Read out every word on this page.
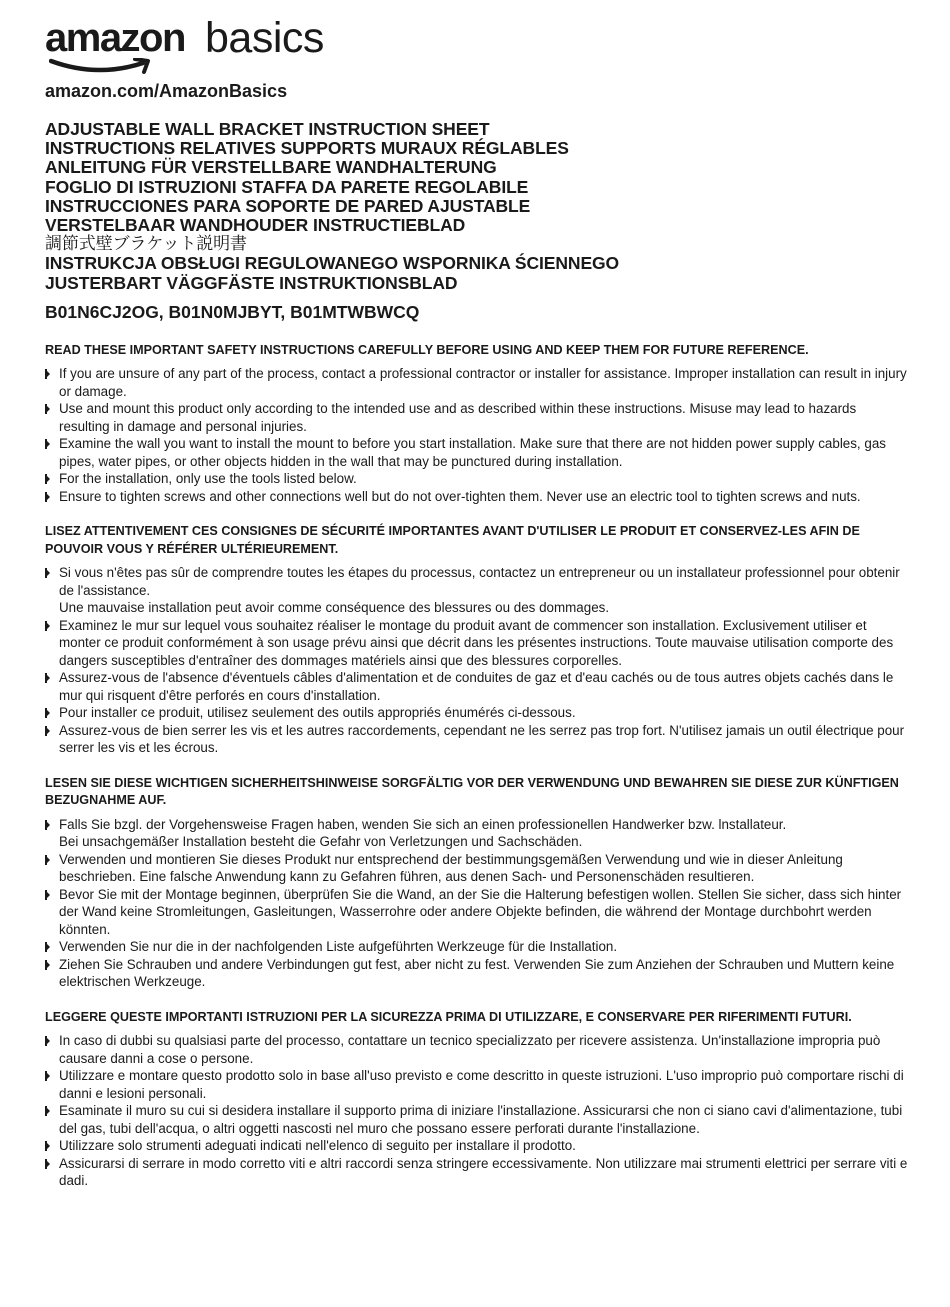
amazon basics
amazon.com/AmazonBasics
ADJUSTABLE WALL BRACKET INSTRUCTION SHEET
INSTRUCTIONS RELATIVES SUPPORTS MURAUX RÉGLABLES
ANLEITUNG FÜR VERSTELLBARE WANDHALTERUNG
FOGLIO DI ISTRUZIONI STAFFA DA PARETE REGOLABILE
INSTRUCCIONES PARA SOPORTE DE PARED AJUSTABLE
VERSTELBAAR WANDHOUDER INSTRUCTIEBLAD
調節式壁ブラケット説明書
INSTRUKCJA OBSŁUGI REGULOWANEGO WSPORNIKA ŚCIENNEGO
JUSTERBART VÄGGFÄSTE INSTRUKTIONSBLAD
B01N6CJ2OG, B01N0MJBYT, B01MTWBWCQ
READ THESE IMPORTANT SAFETY INSTRUCTIONS CAREFULLY BEFORE USING AND KEEP THEM FOR FUTURE REFERENCE.
If you are unsure of any part of the process, contact a professional contractor or installer for assistance. Improper installation can result in injury or damage.
Use and mount this product only according to the intended use and as described within these instructions. Misuse may lead to hazards resulting in damage and personal injuries.
Examine the wall you want to install the mount to before you start installation. Make sure that there are not hidden power supply cables, gas pipes, water pipes, or other objects hidden in the wall that may be punctured during installation.
For the installation, only use the tools listed below.
Ensure to tighten screws and other connections well but do not over-tighten them. Never use an electric tool to tighten screws and nuts.
LISEZ ATTENTIVEMENT CES CONSIGNES DE SÉCURITÉ IMPORTANTES AVANT D'UTILISER LE PRODUIT ET CONSERVEZ-LES AFIN DE POUVOIR VOUS Y RÉFÉRER ULTÉRIEUREMENT.
Si vous n'êtes pas sûr de comprendre toutes les étapes du processus, contactez un entrepreneur ou un installateur professionnel pour obtenir de l'assistance.
Une mauvaise installation peut avoir comme conséquence des blessures ou des dommages.
Examinez le mur sur lequel vous souhaitez réaliser le montage du produit avant de commencer son installation. Exclusivement utiliser et monter ce produit conformément à son usage prévu ainsi que décrit dans les présentes instructions. Toute mauvaise utilisation comporte des dangers susceptibles d'entraîner des dommages matériels ainsi que des blessures corporelles.
Assurez-vous de l'absence d'éventuels câbles d'alimentation et de conduites de gaz et d'eau cachés ou de tous autres objets cachés dans le mur qui risquent d'être perforés en cours d'installation.
Pour installer ce produit, utilisez seulement des outils appropriés énumérés ci-dessous.
Assurez-vous de bien serrer les vis et les autres raccordements, cependant ne les serrez pas trop fort. N'utilisez jamais un outil électrique pour serrer les vis et les écrous.
LESEN SIE DIESE WICHTIGEN SICHERHEITSHINWEISE SORGFÄLTIG VOR DER VERWENDUNG UND BEWAHREN SIE DIESE ZUR KÜNFTIGEN BEZUGNAHME AUF.
Falls Sie bzgl. der Vorgehensweise Fragen haben, wenden Sie sich an einen professionellen Handwerker bzw. lnstallateur.
Bei unsachgemäßer Installation besteht die Gefahr von Verletzungen und Sachschäden.
Verwenden und montieren Sie dieses Produkt nur entsprechend der bestimmungsgemäßen Verwendung und wie in dieser Anleitung beschrieben. Eine falsche Anwendung kann zu Gefahren führen, aus denen Sach- und Personenschäden resultieren.
Bevor Sie mit der Montage beginnen, überprüfen Sie die Wand, an der Sie die Halterung befestigen wollen. Stellen Sie sicher, dass sich hinter der Wand keine Stromleitungen, Gasleitungen, Wasserrohre oder andere Objekte befinden, die während der Montage durchbohrt werden könnten.
Verwenden Sie nur die in der nachfolgenden Liste aufgeführten Werkzeuge für die Installation.
Ziehen Sie Schrauben und andere Verbindungen gut fest, aber nicht zu fest. Verwenden Sie zum Anziehen der Schrauben und Muttern keine elektrischen Werkzeuge.
LEGGERE QUESTE IMPORTANTI ISTRUZIONI PER LA SICUREZZA PRIMA DI UTILIZZARE, E CONSERVARE PER RIFERIMENTI FUTURI.
In caso di dubbi su qualsiasi parte del processo, contattare un tecnico specializzato per ricevere assistenza. Un'installazione impropria può causare danni a cose o persone.
Utilizzare e montare questo prodotto solo in base all'uso previsto e come descritto in queste istruzioni. L'uso improprio può comportare rischi di danni e lesioni personali.
Esaminate il muro su cui si desidera installare il supporto prima di iniziare l'installazione. Assicurarsi che non ci siano cavi d'alimentazione, tubi del gas, tubi dell'acqua, o altri oggetti nascosti nel muro che possano essere perforati durante l'installazione.
Utilizzare solo strumenti adeguati indicati nell'elenco di seguito per installare il prodotto.
Assicurarsi di serrare in modo corretto viti e altri raccordi senza stringere eccessivamente. Non utilizzare mai strumenti elettrici per serrare viti e dadi.
